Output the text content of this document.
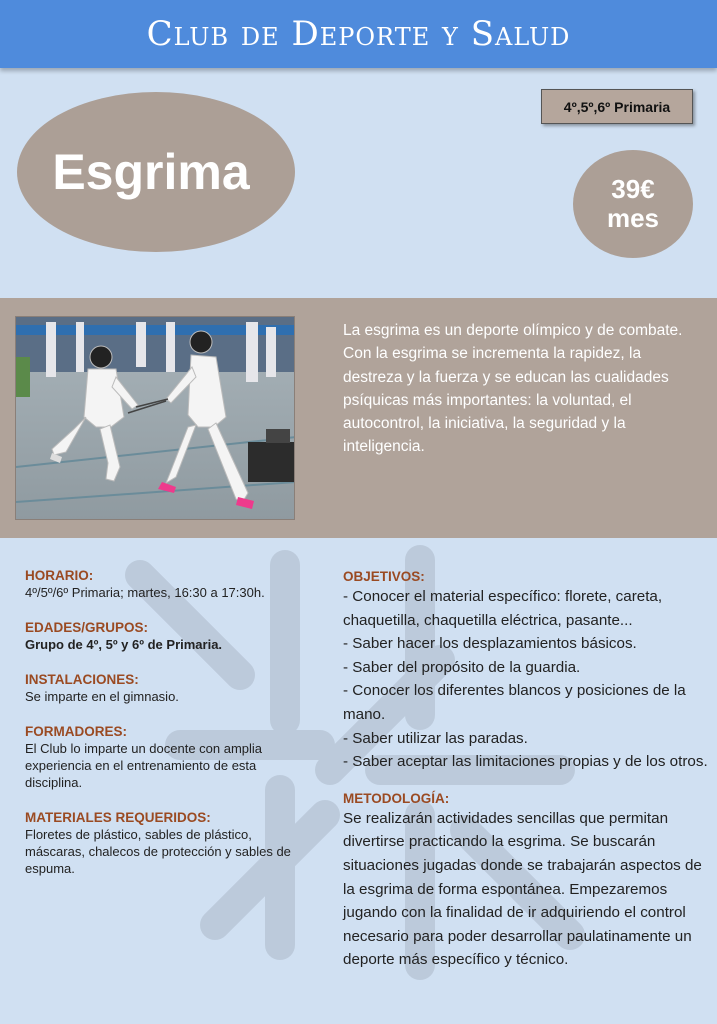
Club de Deporte y Salud
4º,5º,6º Primaria
Esgrima	39€
mes

La esgrima es un deporte olímpico y de combate. Con la esgrima se incrementa la rapidez, la destreza y la fuerza y se educan las cualidades psíquicas más importantes: la voluntad, el autocontrol, la iniciativa, la seguridad y la inteligencia.

HORARIO:
4º/5º/6º Primaria; martes, 16:30 a 17:30h.
EDADES/GRUPOS:
Grupo de 4º, 5º y 6º de Primaria.
INSTALACIONES:
Se imparte en el gimnasio.
FORMADORES:
El Club lo imparte un docente con amplia experiencia en el entrenamiento de esta disciplina.
MATERIALES REQUERIDOS:
Floretes de plástico, sables de plástico, máscaras, chalecos de protección y sables de espuma.
OBJETIVOS:
- Conocer el material específico: florete, careta, chaquetilla, chaquetilla eléctrica, pasante...
- Saber hacer los desplazamientos básicos.
- Saber del propósito de la guardia.
- Conocer los diferentes blancos y posiciones de la mano.
- Saber utilizar las paradas.
- Saber aceptar las limitaciones propias y de los otros.
METODOLOGÍA:
Se realizarán actividades sencillas que permitan divertirse practicando la esgrima. Se buscarán situaciones jugadas donde se trabajarán aspectos de la esgrima de forma espontánea. Empezaremos jugando con la finalidad de ir adquiriendo el control necesario para poder desarrollar paulatinamente un deporte más específico y técnico.
